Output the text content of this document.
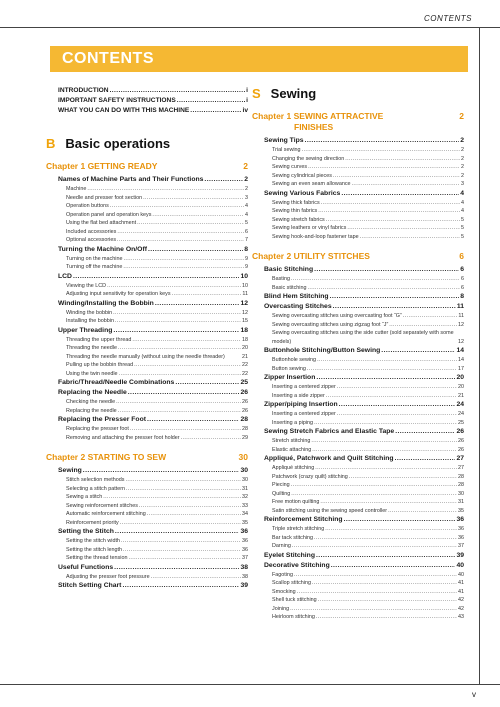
CONTENTS
CONTENTS
INTRODUCTION .....	i
IMPORTANT SAFETY INSTRUCTIONS .....	i
WHAT YOU CAN DO WITH THIS MACHINE .....	iv
B Basic operations
Chapter 1 GETTING READY	2
Names of Machine Parts and Their Functions .....	2
Machine .....	2
Needle and presser foot section .....	3
Operation buttons .....	4
Operation panel and operation keys .....	4
Using the flat bed attachment .....	5
Included accessories .....	6
Optional accessories .....	7
Turning the Machine On/Off .....	8
Turning on the machine .....	9
Turning off the machine .....	9
LCD .....	10
Viewing the LCD .....	10
Adjusting input sensitivity for operation keys .....	11
Winding/Installing the Bobbin .....	12
Winding the bobbin .....	12
Installing the bobbin .....	15
Upper Threading .....	18
Threading the upper thread .....	18
Threading the needle .....	20
Threading the needle manually (without using the needle threader)	21
Pulling up the bobbin thread .....	22
Using the twin needle .....	22
Fabric/Thread/Needle Combinations .....	25
Replacing the Needle .....	26
Checking the needle .....	26
Replacing the needle .....	26
Replacing the Presser Foot .....	28
Replacing the presser foot .....	28
Removing and attaching the presser foot holder .....	29
Chapter 2 STARTING TO SEW	30
Sewing .....	30
Stitch selection methods .....	30
Selecting a stitch pattern .....	31
Sewing a stitch .....	32
Sewing reinforcement stitches .....	33
Automatic reinforcement stitching .....	34
Reinforcement priority .....	35
Setting the Stitch .....	36
Setting the stitch width .....	36
Setting the stitch length .....	36
Setting the thread tension .....	37
Useful Functions .....	38
Adjusting the presser foot pressure .....	38
Stitch Setting Chart .....	39
S Sewing
Chapter 1 SEWING ATTRACTIVE
FINISHES
2
Sewing Tips .....	2
Trial sewing .....	2
Changing the sewing direction .....	2
Sewing curves .....	2
Sewing cylindrical pieces .....	2
Sewing an even seam allowance .....	3
Sewing Various Fabrics .....	4
Sewing thick fabrics .....	4
Sewing thin fabrics .....	4
Sewing stretch fabrics .....	5
Sewing leathers or vinyl fabrics .....	5
Sewing hook-and-loop fastener tape .....	5
Chapter 2 UTILITY STITCHES	6
Basic Stitching .....	6
Basting .....	6
Basic stitching .....	6
Blind Hem Stitching .....	8
Overcasting Stitches .....	11
Sewing overcasting stitches using overcasting foot “G” .....	11
Sewing overcasting stitches using zigzag foot “J” .....	12
Sewing overcasting stitches using the side cutter (sold separately with some models)	12
Buttonhole Stitching/Button Sewing .....	14
Buttonhole sewing .....	14
Button sewing .....	17
Zipper Insertion .....	20
Inserting a centered zipper .....	20
Inserting a side zipper .....	21
Zipper/piping Insertion .....	24
Inserting a centered zipper .....	24
Inserting a piping .....	25
Sewing Stretch Fabrics and Elastic Tape .....	26
Stretch stitching .....	26
Elastic attaching .....	26
Appliqué, Patchwork and Quilt Stitching .....	27
Appliqué stitching .....	27
Patchwork (crazy quilt) stitching .....	28
Piecing .....	28
Quilting .....	30
Free motion quilting .....	31
Satin stitching using the sewing speed controller .....	35
Reinforcement Stitching .....	36
Triple stretch stitching .....	36
Bar tack stitching .....	36
Darning .....	37
Eyelet Stitching .....	39
Decorative Stitching .....	40
Fagoting .....	40
Scallop stitching .....	41
Smocking .....	41
Shell tuck stitching .....	42
Joining .....	42
Heirloom stitching .....	43
v
